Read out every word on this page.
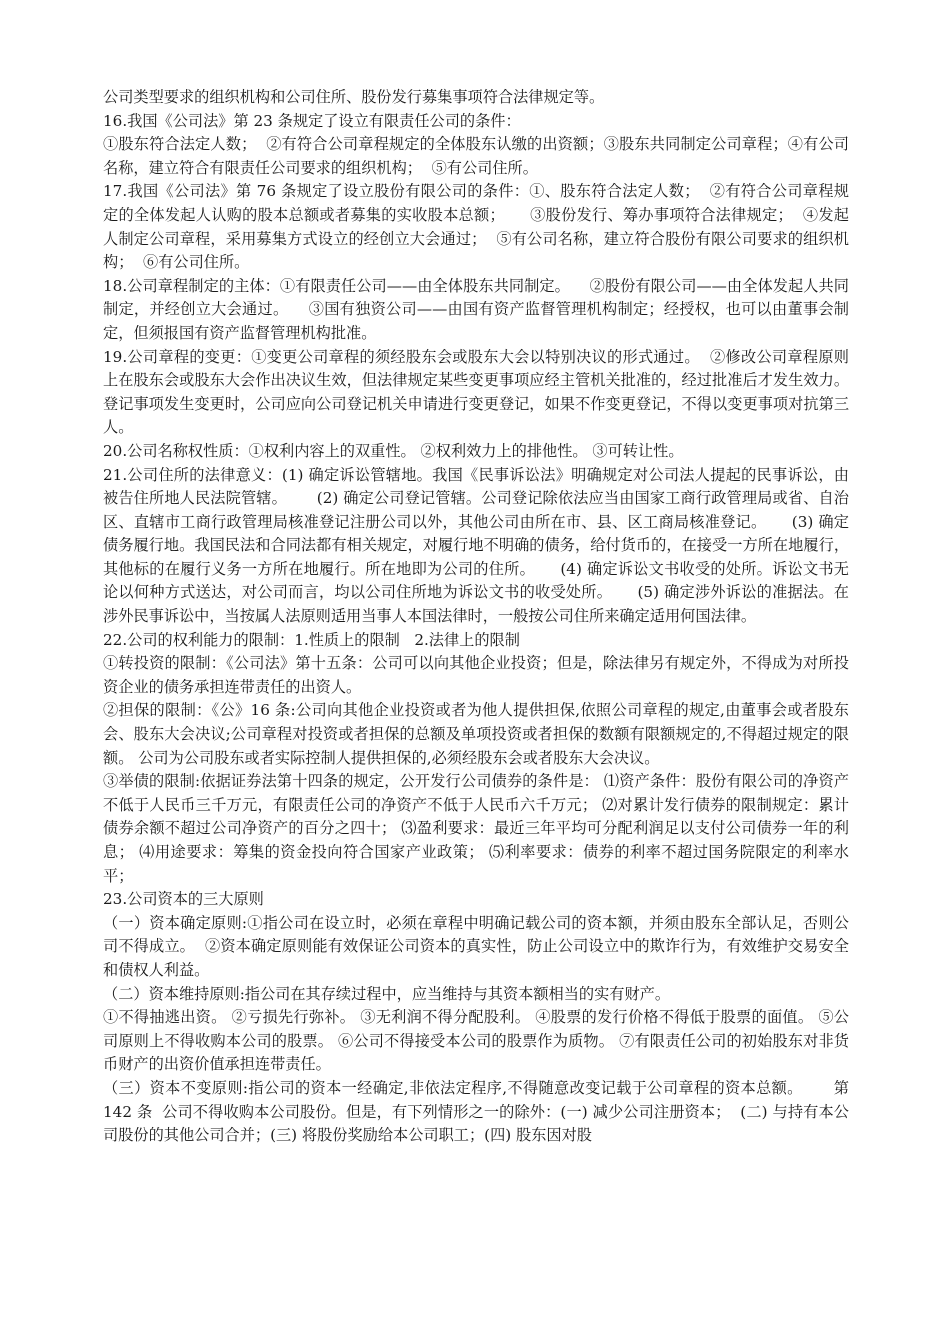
公司类型要求的组织机构和公司住所、股份发行募集事项符合法律规定等。

16.我国《公司法》第 23 条规定了设立有限责任公司的条件：

①股东符合法定人数；  ②有符合公司章程规定的全体股东认缴的出资额；③股东共同制定公司章程；④有公司名称，建立符合有限责任公司要求的组织机构；  ⑤有公司住所。

17.我国《公司法》第 76 条规定了设立股份有限公司的条件：①、股东符合法定人数；  ②有符合公司章程规定的全体发起人认购的股本总额或者募集的实收股本总额；     ③股份发行、筹办事项符合法律规定；  ④发起人制定公司章程，采用募集方式设立的经创立大会通过；  ⑤有公司名称，建立符合股份有限公司要求的组织机构；  ⑥有公司住所。

18.公司章程制定的主体：①有限责任公司——由全体股东共同制定。    ②股份有限公司——由全体发起人共同制定，并经创立大会通过。    ③国有独资公司——由国有资产监督管理机构制定；经授权，也可以由董事会制定，但须报国有资产监督管理机构批准。

19.公司章程的变更：①变更公司章程的须经股东会或股东大会以特别决议的形式通过。  ②修改公司章程原则上在股东会或股东大会作出决议生效，但法律规定某些变更事项应经主管机关批准的，经过批准后才发生效力。    登记事项发生变更时，公司应向公司登记机关申请进行变更登记，如果不作变更登记，不得以变更事项对抗第三人。

20.公司名称权性质：①权利内容上的双重性。 ②权利效力上的排他性。 ③可转让性。

21.公司住所的法律意义：(1) 确定诉讼管辖地。我国《民事诉讼法》明确规定对公司法人提起的民事诉讼，由被告住所地人民法院管辖。      (2) 确定公司登记管辖。公司登记除依法应当由国家工商行政管理局或省、自治区、直辖市工商行政管理局核准登记注册公司以外，其他公司由所在市、县、区工商局核准登记。     (3) 确定债务履行地。我国民法和合同法都有相关规定，对履行地不明确的债务，给付货币的，在接受一方所在地履行，其他标的在履行义务一方所在地履行。所在地即为公司的住所。     (4) 确定诉讼文书收受的处所。诉讼文书无论以何种方式送达，对公司而言，均以公司住所地为诉讼文书的收受处所。     (5) 确定涉外诉讼的准据法。在涉外民事诉讼中，当按属人法原则适用当事人本国法律时，一般按公司住所来确定适用何国法律。

22.公司的权利能力的限制：1.性质上的限制   2.法律上的限制

①转投资的限制：《公司法》第十五条：公司可以向其他企业投资；但是，除法律另有规定外，不得成为对所投资企业的债务承担连带责任的出资人。

②担保的限制：《公》16 条:公司向其他企业投资或者为他人提供担保,依照公司章程的规定,由董事会或者股东会、股东大会决议;公司章程对投资或者担保的总额及单项投资或者担保的数额有限额规定的,不得超过规定的限额。 公司为公司股东或者实际控制人提供担保的,必须经股东会或者股东大会决议。

③举债的限制:依据证券法第十四条的规定，公开发行公司债券的条件是： ⑴资产条件：股份有限公司的净资产不低于人民币三千万元，有限责任公司的净资产不低于人民币六千万元； ⑵对累计发行债券的限制规定：累计债券余额不超过公司净资产的百分之四十； ⑶盈利要求：最近三年平均可分配利润足以支付公司债券一年的利息； ⑷用途要求：筹集的资金投向符合国家产业政策； ⑸利率要求：债券的利率不超过国务院限定的利率水平；

23.公司资本的三大原则

（一）资本确定原则:①指公司在设立时，必须在章程中明确记载公司的资本额，并须由股东全部认足，否则公司不得成立。  ②资本确定原则能有效保证公司资本的真实性，防止公司设立中的欺诈行为，有效维护交易安全和债权人利益。

（二）资本维持原则:指公司在其存续过程中，应当维持与其资本额相当的实有财产。

①不得抽逃出资。 ②亏损先行弥补。 ③无利润不得分配股利。 ④股票的发行价格不得低于股票的面值。 ⑤公司原则上不得收购本公司的股票。 ⑥公司不得接受本公司的股票作为质物。 ⑦有限责任公司的初始股东对非货币财产的出资价值承担连带责任。

（三）资本不变原则:指公司的资本一经确定,非依法定程序,不得随意改变记载于公司章程的资本总额。      第 142 条  公司不得收购本公司股份。但是，有下列情形之一的除外：(一) 减少公司注册资本；  (二) 与持有本公司股份的其他公司合并；(三) 将股份奖励给本公司职工；(四) 股东因对股
